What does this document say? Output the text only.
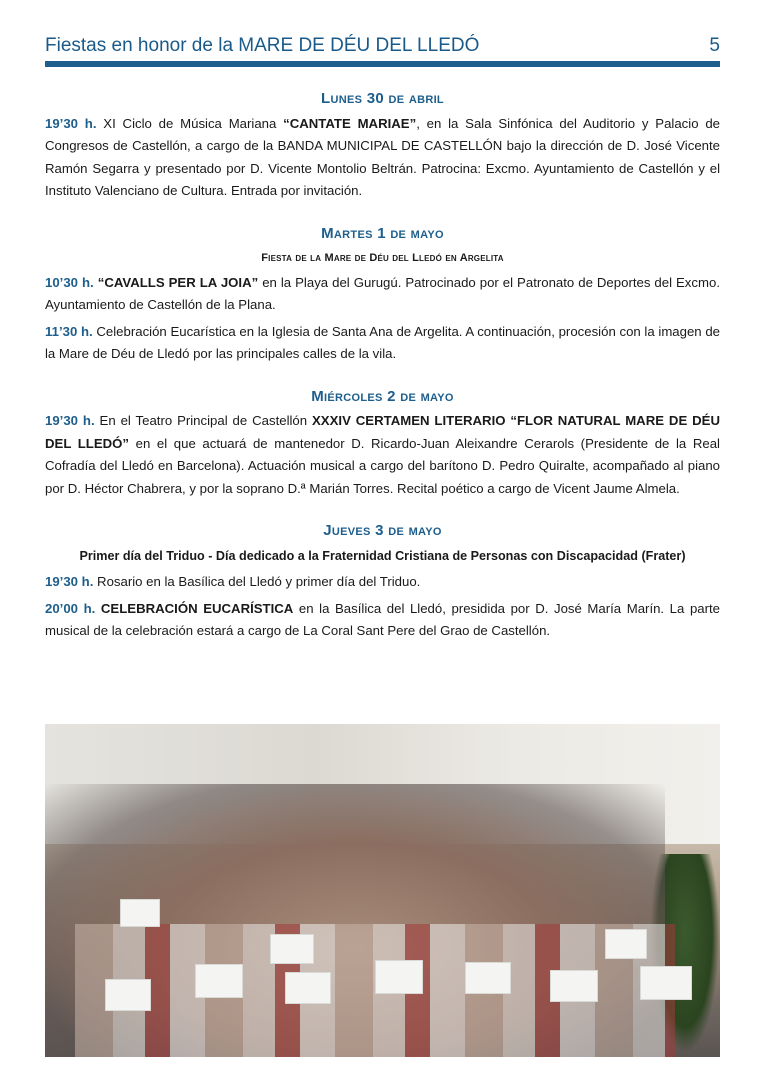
Fiestas en honor de la MARE DE DÉU DEL LLEDÓ	5
Lunes 30 de abril

19’30 h. XI Ciclo de Música Mariana “CANTATE MARIAE”, en la Sala Sinfónica del Auditorio y Palacio de Congresos de Castellón, a cargo de la BANDA MUNICIPAL DE CASTELLÓN bajo la dirección de D. José Vicente Ramón Segarra y presentado por D. Vicente Montolio Beltrán. Patrocina: Excmo. Ayuntamiento de Castellón y el Instituto Valenciano de Cultura. Entrada por invitación.

Martes 1 de mayo
Fiesta de la Mare de Déu del Lledó en Argelita

10’30 h. “CAVALLS PER LA JOIA” en la Playa del Gurugú. Patrocinado por el Patronato de Deportes del Excmo. Ayuntamiento de Castellón de la Plana.

11’30 h. Celebración Eucarística en la Iglesia de Santa Ana de Argelita. A continuación, procesión con la imagen de la Mare de Déu de Lledó por las principales calles de la vila.

Miércoles 2 de mayo

19’30 h. En el Teatro Principal de Castellón XXXIV CERTAMEN LITERARIO “FLOR NATURAL MARE DE DÉU DEL LLEDÓ” en el que actuará de mantenedor D. Ricardo-Juan Aleixandre Cerarols (Presidente de la Real Cofradía del Lledó en Barcelona). Actuación musical a cargo del barítono D. Pedro Quiralte, acompañado al piano por D. Héctor Chabrera, y por la soprano D.ª Marián Torres. Recital poético a cargo de Vicent Jaume Almela.

Jueves 3 de mayo
Primer día del Triduo - Día dedicado a la Fraternidad Cristiana de Personas con Discapacidad (Frater)

19’30 h. Rosario en la Basílica del Lledó y primer día del Triduo.

20’00 h. CELEBRACIÓN EUCARÍSTICA en la Basílica del Lledó, presidida por D. José María Marín. La parte musical de la celebración estará a cargo de La Coral Sant Pere del Grao de Castellón.
